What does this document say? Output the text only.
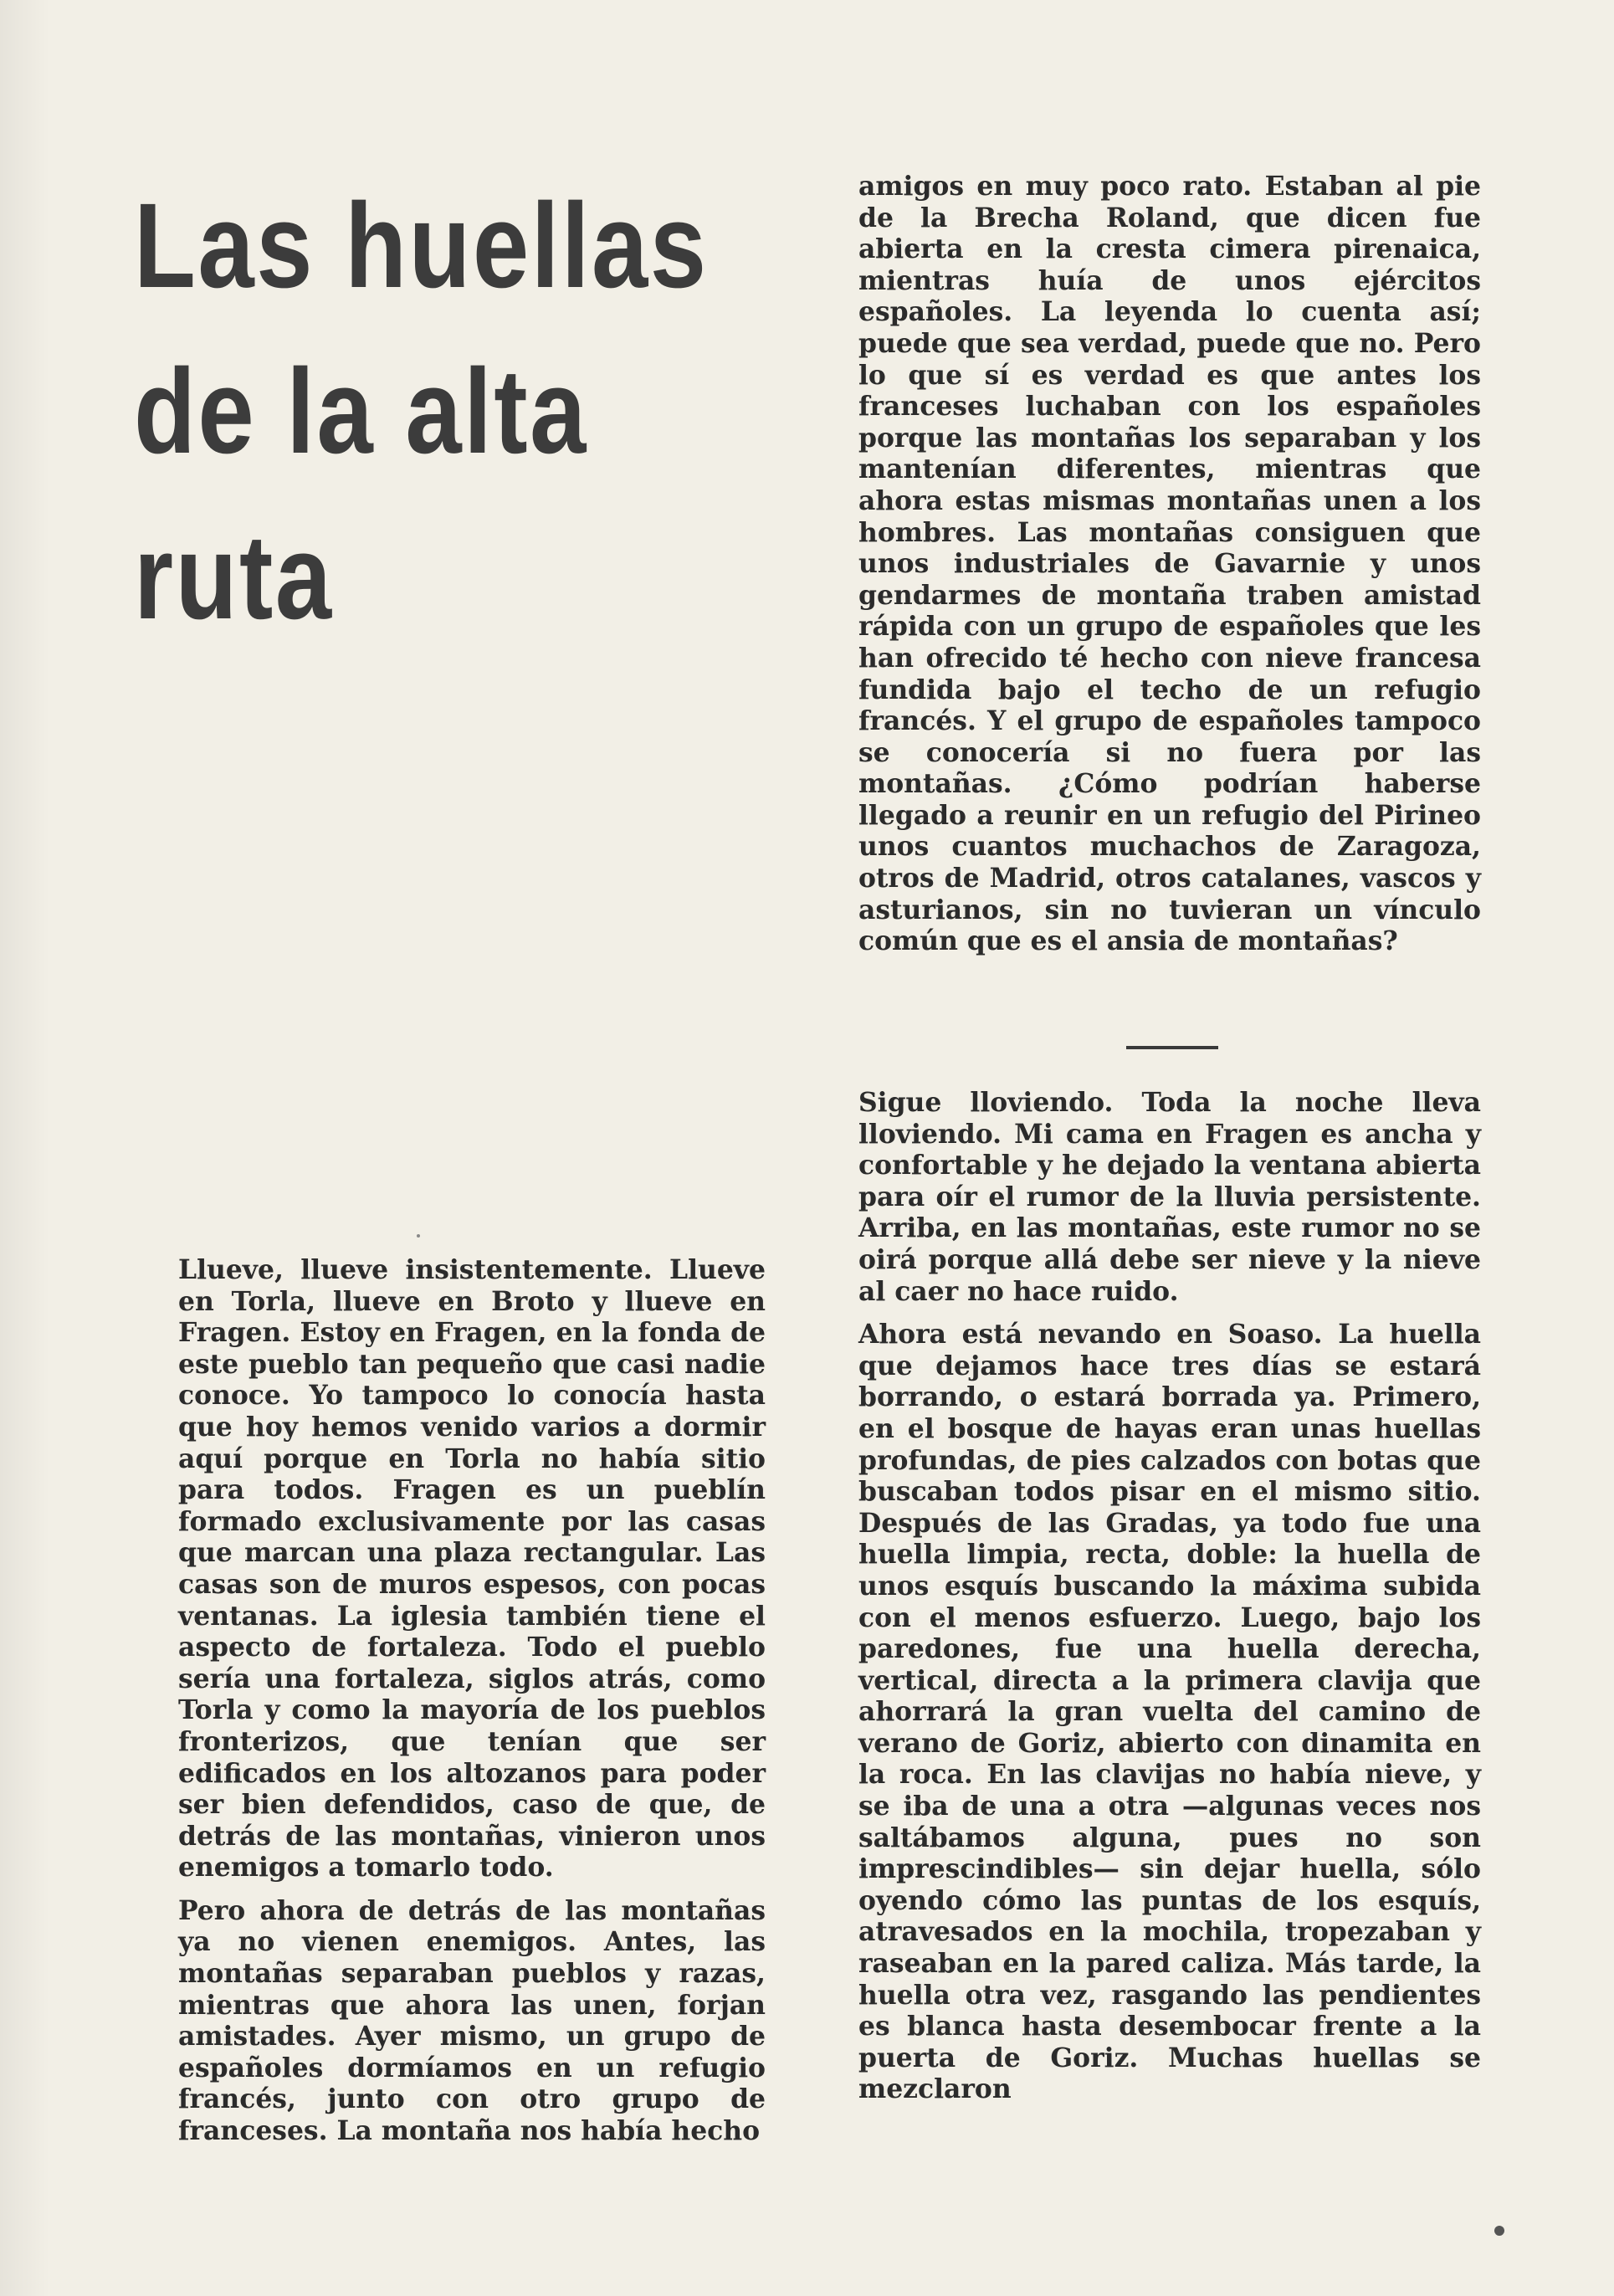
Las huellas
de la alta
ruta

amigos en muy poco rato. Estaban al pie de la Brecha Roland, que dicen fue abierta en la cresta cimera pirenaica, mientras huía de unos ejércitos españoles. La leyenda lo cuenta así; puede que sea verdad, puede que no. Pero lo que sí es verdad es que antes los franceses luchaban con los españoles porque las montañas los separaban y los mantenían diferentes, mientras que ahora estas mismas montañas unen a los hombres. Las montañas consiguen que unos industriales de Gavarnie y unos gendarmes de montaña traben amistad rápida con un grupo de españoles que les han ofrecido té hecho con nieve francesa fundida bajo el techo de un refugio francés. Y el grupo de españoles tampoco se conocería si no fuera por las montañas. ¿Cómo podrían haberse llegado a reunir en un refugio del Pirineo unos cuantos muchachos de Zaragoza, otros de Madrid, otros catalanes, vascos y asturianos, sin no tuvieran un vínculo común que es el ansia de montañas?

Llueve, llueve insistentemente. Llueve en Torla, llueve en Broto y llueve en Fragen. Estoy en Fragen, en la fonda de este pueblo tan pequeño que casi nadie conoce. Yo tampoco lo conocía hasta que hoy hemos venido varios a dormir aquí porque en Torla no había sitio para todos. Fragen es un pueblín formado exclusivamente por las casas que marcan una plaza rectangular. Las casas son de muros espesos, con pocas ventanas. La iglesia también tiene el aspecto de fortaleza. Todo el pueblo sería una fortaleza, siglos atrás, como Torla y como la mayoría de los pueblos fronterizos, que tenían que ser edificados en los altozanos para poder ser bien defendidos, caso de que, de detrás de las montañas, vinieron unos enemigos a tomarlo todo.

Pero ahora de detrás de las montañas ya no vienen enemigos. Antes, las montañas separaban pueblos y razas, mientras que ahora las unen, forjan amistades. Ayer mismo, un grupo de españoles dormíamos en un refugio francés, junto con otro grupo de franceses. La montaña nos había hecho

Sigue lloviendo. Toda la noche lleva lloviendo. Mi cama en Fragen es ancha y confortable y he dejado la ventana abierta para oír el rumor de la lluvia persistente. Arriba, en las montañas, este rumor no se oirá porque allá debe ser nieve y la nieve al caer no hace ruido.

Ahora está nevando en Soaso. La huella que dejamos hace tres días se estará borrando, o estará borrada ya. Primero, en el bosque de hayas eran unas huellas profundas, de pies calzados con botas que buscaban todos pisar en el mismo sitio. Después de las Gradas, ya todo fue una huella limpia, recta, doble: la huella de unos esquís buscando la máxima subida con el menos esfuerzo. Luego, bajo los paredones, fue una huella derecha, vertical, directa a la primera clavija que ahorrará la gran vuelta del camino de verano de Goriz, abierto con dinamita en la roca. En las clavijas no había nieve, y se iba de una a otra —algunas veces nos saltábamos alguna, pues no son imprescindibles— sin dejar huella, sólo oyendo cómo las puntas de los esquís, atravesados en la mochila, tropezaban y raseaban en la pared caliza. Más tarde, la huella otra vez, rasgando las pendientes es blanca hasta desembocar frente a la puerta de Goriz. Muchas huellas se mezclaron
